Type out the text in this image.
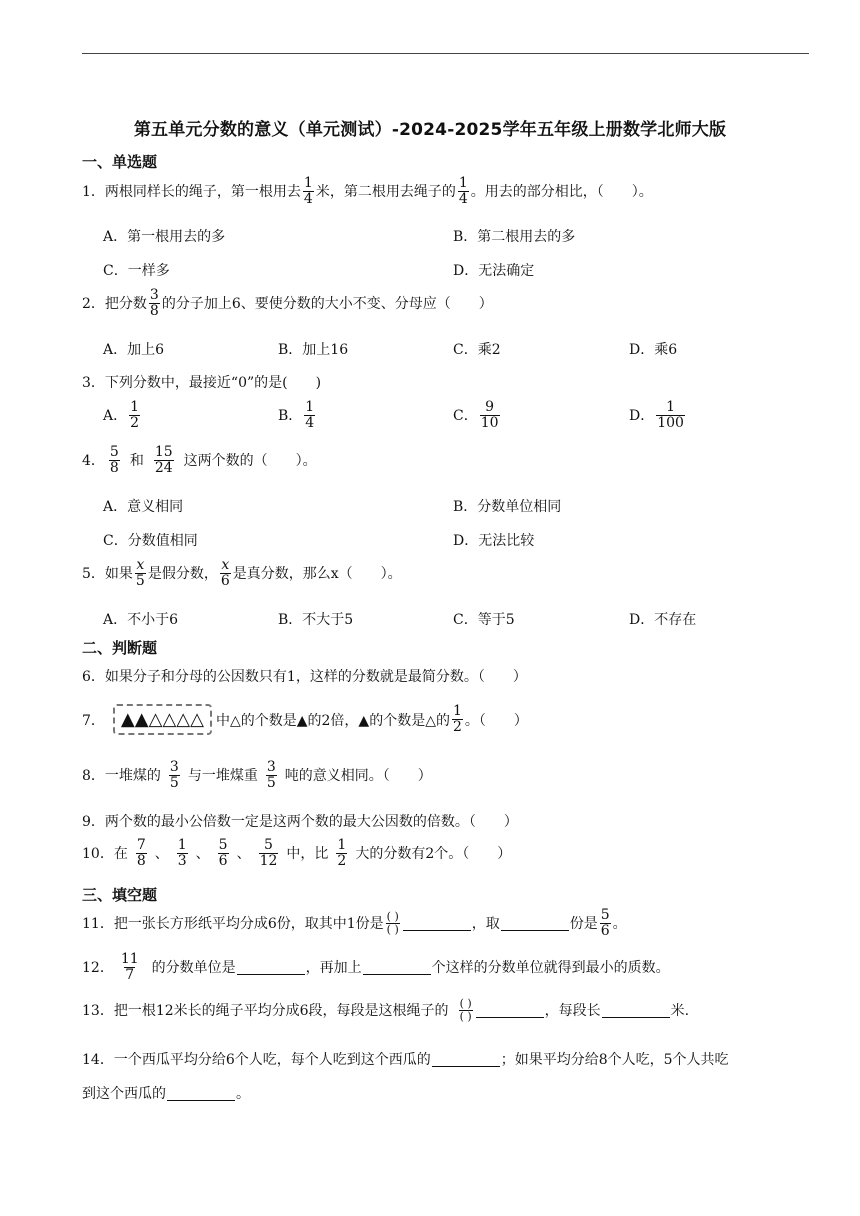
第五单元分数的意义（单元测试）-2024-2025学年五年级上册数学北师大版
一、单选题
1． 两根同样长的绳子，第一根用去 $\frac{1}{4}$ 米，第二根用去绳子的 $\frac{1}{4}$ 。用去的部分相比，（　　）。
A．第一根用去的多	B．第二根用去的多
C．一样多	D．无法确定
2． 把分数 $\frac{3}{8}$ 的分子加上6、要使分数的大小不变、分母应（　　）
A．加上6	B．加上16	C．乘2	D．乘6
3． 下列分数中，最接近“0”的是(　　)
A． $\frac{1}{2}$	B． $\frac{1}{4}$	C． $\frac{9}{10}$	D． $\frac{1}{100}$
4． $\frac{5}{8}$ 和 $\frac{15}{24}$ 这两个数的（　　）。
A．意义相同	B．分数单位相同
C．分数值相同	D．无法比较
5． 如果 $\frac{x}{5}$ 是假分数， $\frac{x}{6}$ 是真分数，那么x（　　）。
A．不小于6	B．不大于5	C．等于5	D．不存在
二、判断题
6． 如果分子和分母的公因数只有1，这样的分数就是最简分数。（　　）
7． ▲▲△△△△ 中△的个数是▲的2倍，▲的个数是△的 $\frac{1}{2}$ 。（　　）
8． 一堆煤的 $\frac{3}{5}$ 与一堆煤重 $\frac{3}{5}$ 吨的意义相同。（　　）
9． 两个数的最小公倍数一定是这两个数的最大公因数的倍数。（　　）
10． 在 $\frac{7}{8}$ 、 $\frac{1}{3}$ 、 $\frac{5}{6}$ 、 $\frac{5}{12}$ 中，比 $\frac{1}{2}$ 大的分数有2个。（　　）
三、填空题
11． 把一张长方形纸平均分成6份，取其中1份是 $\frac{( )}{( )}$	，取	份是 $\frac{5}{6}$ 。
12． $\frac{11}{7}$ 的分数单位是	，再加上	个这样的分数单位就得到最小的质数。
13． 把一根12米长的绳子平均分成6段，每段是这根绳子的 $\frac{( )}{( )}$	，每段长	米.
14． 一个西瓜平均分给6个人吃，每个人吃到这个西瓜的	；如果平均分给8个人吃，5个人共吃
到这个西瓜的	。
